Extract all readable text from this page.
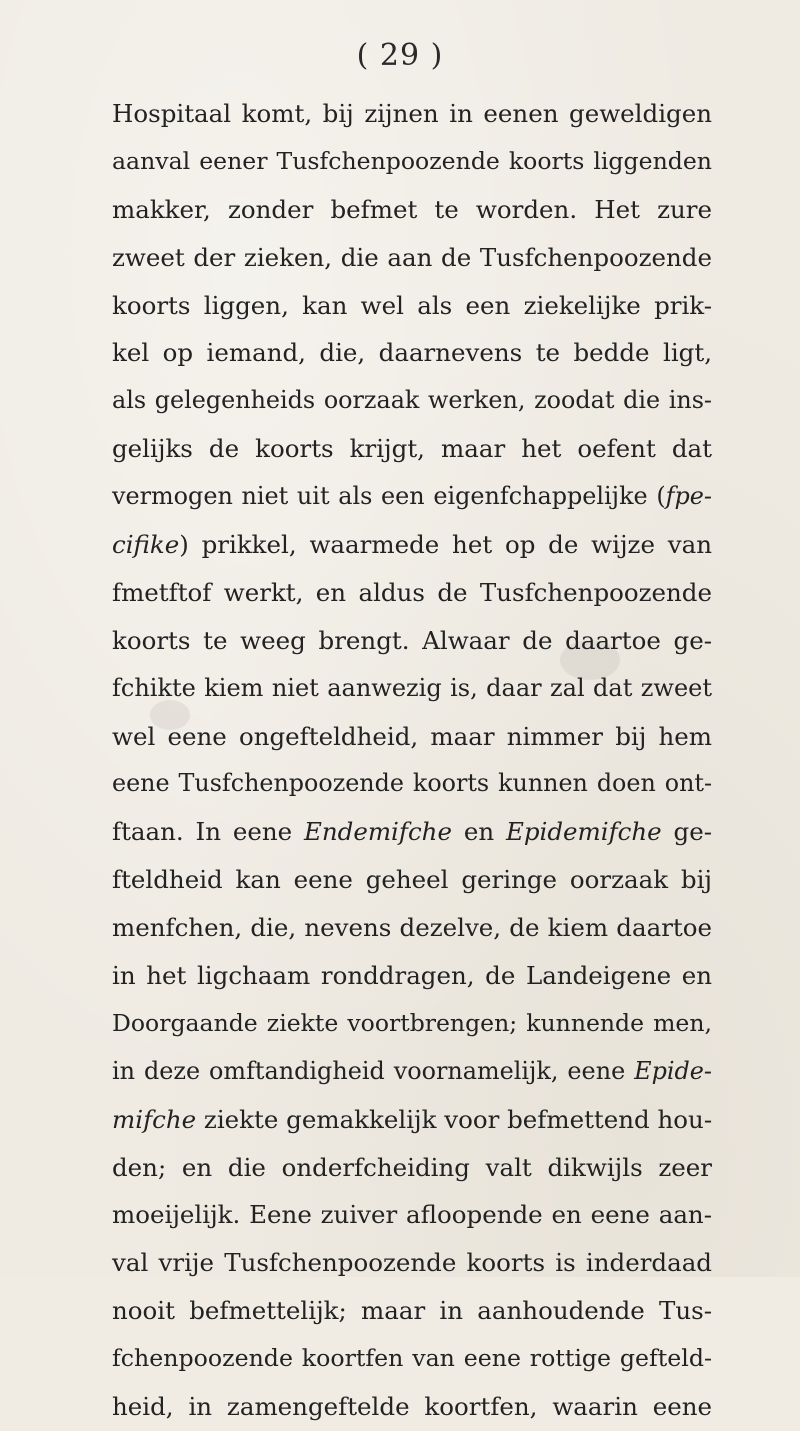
( 29 )
Hospitaal komt, bij zijnen in eenen geweldigen
aanval eener Tusfchenpoozende koorts liggenden
makker, zonder befmet te worden. Het zure
zweet der zieken, die aan de Tusfchenpoozende
koorts liggen, kan wel als een ziekelijke prik-
kel op iemand, die, daarnevens te bedde ligt,
als gelegenheids oorzaak werken, zoodat die ins-
gelijks de koorts krijgt, maar het oefent dat
vermogen niet uit als een eigenfchappelijke (fpe-
cifike) prikkel, waarmede het op de wijze van
fmetftof werkt, en aldus de Tusfchenpoozende
koorts te weeg brengt. Alwaar de daartoe ge-
fchikte kiem niet aanwezig is, daar zal dat zweet
wel eene ongefteldheid, maar nimmer bij hem
eene Tusfchenpoozende koorts kunnen doen ont-
ftaan. In eene Endemifche en Epidemifche ge-
fteldheid kan eene geheel geringe oorzaak bij
menfchen, die, nevens dezelve, de kiem daartoe
in het ligchaam ronddragen, de Landeigene en
Doorgaande ziekte voortbrengen; kunnende men,
in deze omftandigheid voornamelijk, eene Epide-
mifche ziekte gemakkelijk voor befmettend hou-
den; en die onderfcheiding valt dikwijls zeer
moeijelijk. Eene zuiver afloopende en eene aan-
val vrije Tusfchenpoozende koorts is inderdaad
nooit befmettelijk; maar in aanhoudende Tus-
fchenpoozende koortfen van eene rottige gefteld-
heid, in zamengeftelde koortfen, waarin eene
